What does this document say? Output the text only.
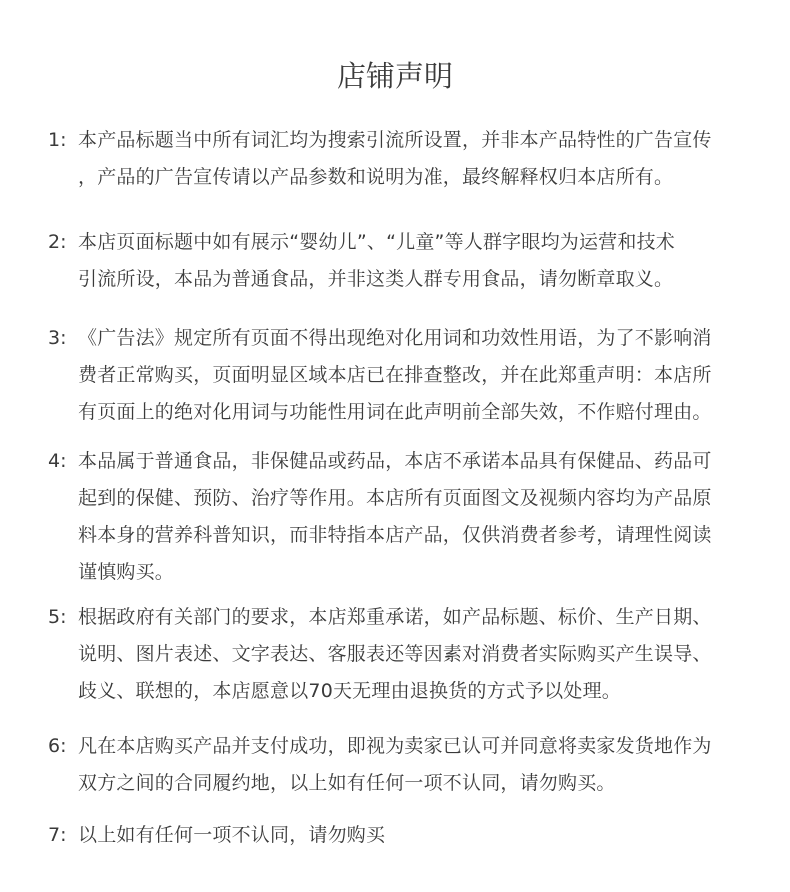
店铺声明
1: 本产品标题当中所有词汇均为搜索引流所设置，并非本产品特性的广告宣传
，产品的广告宣传请以产品参数和说明为准，最终解释权归本店所有。
2: 本店页面标题中如有展示“婴幼儿”、“儿童”等人群字眼均为运营和技术
引流所设，本品为普通食品，并非这类人群专用食品，请勿断章取义。
3: 《广告法》规定所有页面不得出现绝对化用词和功效性用语，为了不影响消
费者正常购买，页面明显区域本店已在排查整改，并在此郑重声明：本店所
有页面上的绝对化用词与功能性用词在此声明前全部失效，不作赔付理由。
4: 本品属于普通食品，非保健品或药品，本店不承诺本品具有保健品、药品可
起到的保健、预防、治疗等作用。本店所有页面图文及视频内容均为产品原
料本身的营养科普知识，而非特指本店产品，仅供消费者参考，请理性阅读
谨慎购买。
5: 根据政府有关部门的要求，本店郑重承诺，如产品标题、标价、生产日期、
说明、图片表述、文字表达、客服表还等因素对消费者实际购买产生误导、
歧义、联想的，本店愿意以70天无理由退换货的方式予以处理。
6: 凡在本店购买产品并支付成功，即视为卖家已认可并同意将卖家发货地作为
双方之间的合同履约地，以上如有任何一项不认同，请勿购买。
7: 以上如有任何一项不认同，请勿购买
